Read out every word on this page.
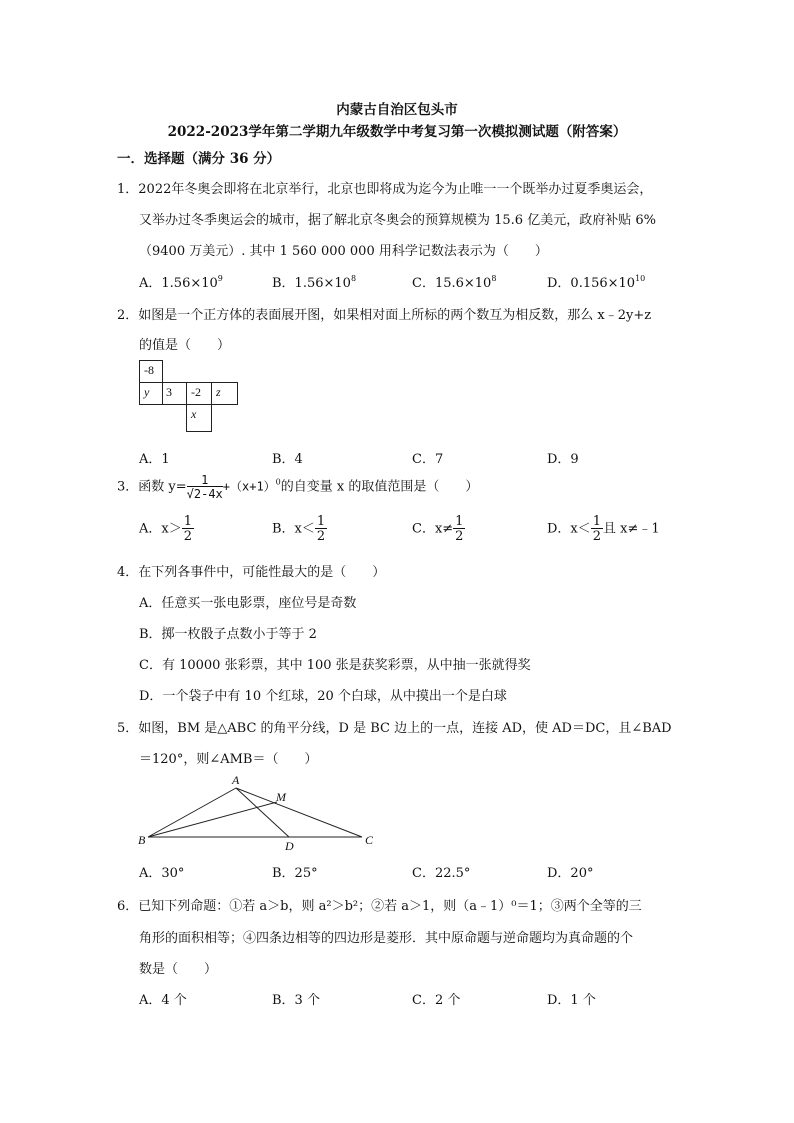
内蒙古自治区包头市
2022-2023学年第二学期九年级数学中考复习第一次模拟测试题（附答案）
一．选择题（满分 36 分）
1．2022年冬奥会即将在北京举行，北京也即将成为迄今为止唯一一个既举办过夏季奥运会，
又举办过冬季奥运会的城市，据了解北京冬奥会的预算规模为 15.6 亿美元，政府补贴 6%
（9400 万美元）. 其中 1 560 000 000 用科学记数法表示为（　　）
A．$1.56\times 10^9$	B．$1.56\times 10^8$	C．$15.6\times 10^8$	D．$0.156\times 10^{10}$
2．如图是一个正方体的表面展开图，如果相对面上所标的两个数互为相反数，那么 x﹣2y+z
的值是（　　）
-8
y	3	-2	z
x
A．1	B．4	C．7	D．9
3．函数 $y= \frac{1}{√2-4x} +(x+1)^0$的自变量 x 的取值范围是（　　）
A．$x> \frac{1}{2}$	B．$x< \frac{1}{2}$	C．$x\ne \frac{1}{2}$	D．$x< \frac{1}{2}$ 且 x≠﹣1
4．在下列各事件中，可能性最大的是（　　）
A．任意买一张电影票，座位号是奇数
B．掷一枚骰子点数小于等于 2
C．有 10000 张彩票，其中 100 张是获奖彩票，从中抽一张就得奖
D．一个袋子中有 10 个红球，20 个白球，从中摸出一个是白球
5．如图，BM 是△ABC 的角平分线，D 是 BC 边上的一点，连接 AD，使 AD＝DC，且∠BAD
＝120°，则∠AMB＝（　　）
A
M
B	D	C
A．30°	B．25°	C．22.5°	D．20°
6．已知下列命题：①若 a＞b，则 a²＞b²；②若 a＞1，则（a﹣1）⁰＝1；③两个全等的三
角形的面积相等；④四条边相等的四边形是菱形．其中原命题与逆命题均为真命题的个
数是（　　）
A．4 个	B．3 个	C．2 个	D．1 个
